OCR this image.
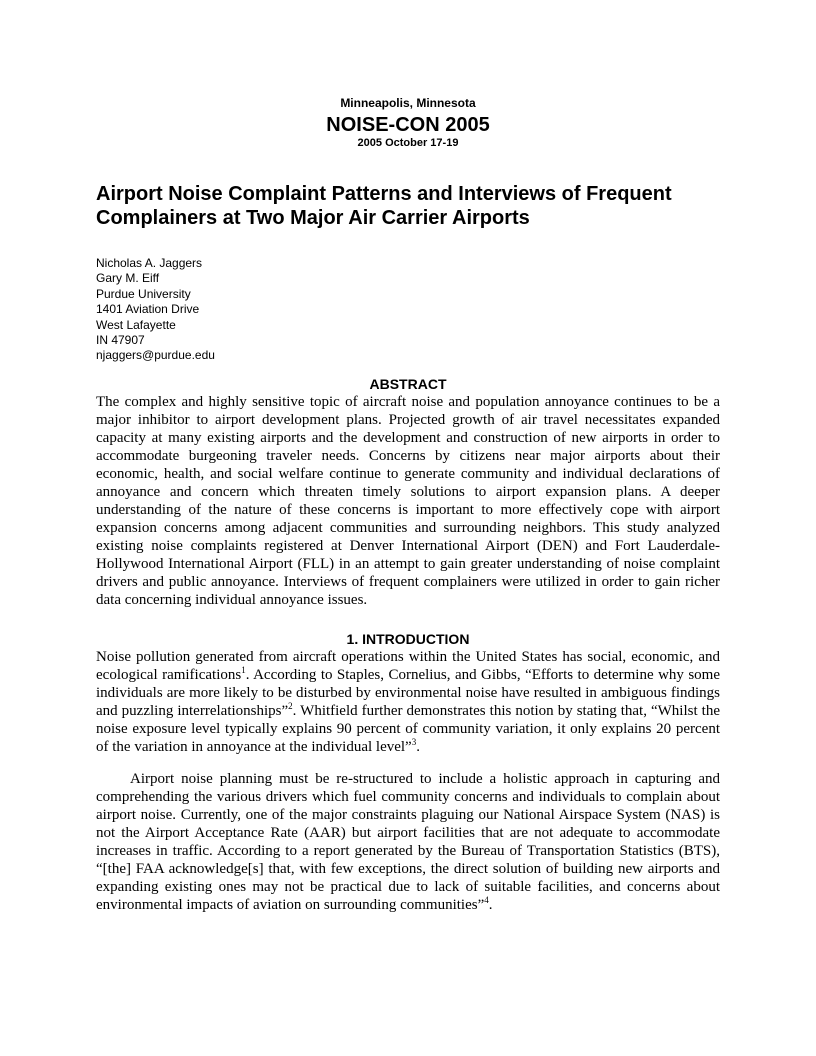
Minneapolis, Minnesota
NOISE-CON 2005
2005 October 17-19
Airport Noise Complaint Patterns and Interviews of Frequent Complainers at Two Major Air Carrier Airports
Nicholas A. Jaggers
Gary M. Eiff
Purdue University
1401 Aviation Drive
West Lafayette
IN 47907
njaggers@purdue.edu
ABSTRACT

The complex and highly sensitive topic of aircraft noise and population annoyance continues to be a major inhibitor to airport development plans. Projected growth of air travel necessitates expanded capacity at many existing airports and the development and construction of new airports in order to accommodate burgeoning traveler needs. Concerns by citizens near major airports about their economic, health, and social welfare continue to generate community and individual declarations of annoyance and concern which threaten timely solutions to airport expansion plans. A deeper understanding of the nature of these concerns is important to more effectively cope with airport expansion concerns among adjacent communities and surrounding neighbors. This study analyzed existing noise complaints registered at Denver International Airport (DEN) and Fort Lauderdale-Hollywood International Airport (FLL) in an attempt to gain greater understanding of noise complaint drivers and public annoyance. Interviews of frequent complainers were utilized in order to gain richer data concerning individual annoyance issues.

1. INTRODUCTION

Noise pollution generated from aircraft operations within the United States has social, economic, and ecological ramifications$^1$. According to Staples, Cornelius, and Gibbs, “Efforts to determine why some individuals are more likely to be disturbed by environmental noise have resulted in ambiguous findings and puzzling interrelationships”$^2$. Whitfield further demonstrates this notion by stating that, “Whilst the noise exposure level typically explains 90 percent of community variation, it only explains 20 percent of the variation in annoyance at the individual level”$^3$.

Airport noise planning must be re-structured to include a holistic approach in capturing and comprehending the various drivers which fuel community concerns and individuals to complain about airport noise. Currently, one of the major constraints plaguing our National Airspace System (NAS) is not the Airport Acceptance Rate (AAR) but airport facilities that are not adequate to accommodate increases in traffic. According to a report generated by the Bureau of Transportation Statistics (BTS), “[the] FAA acknowledge[s] that, with few exceptions, the direct solution of building new airports and expanding existing ones may not be practical due to lack of suitable facilities, and concerns about environmental impacts of aviation on surrounding communities”$^4$.
